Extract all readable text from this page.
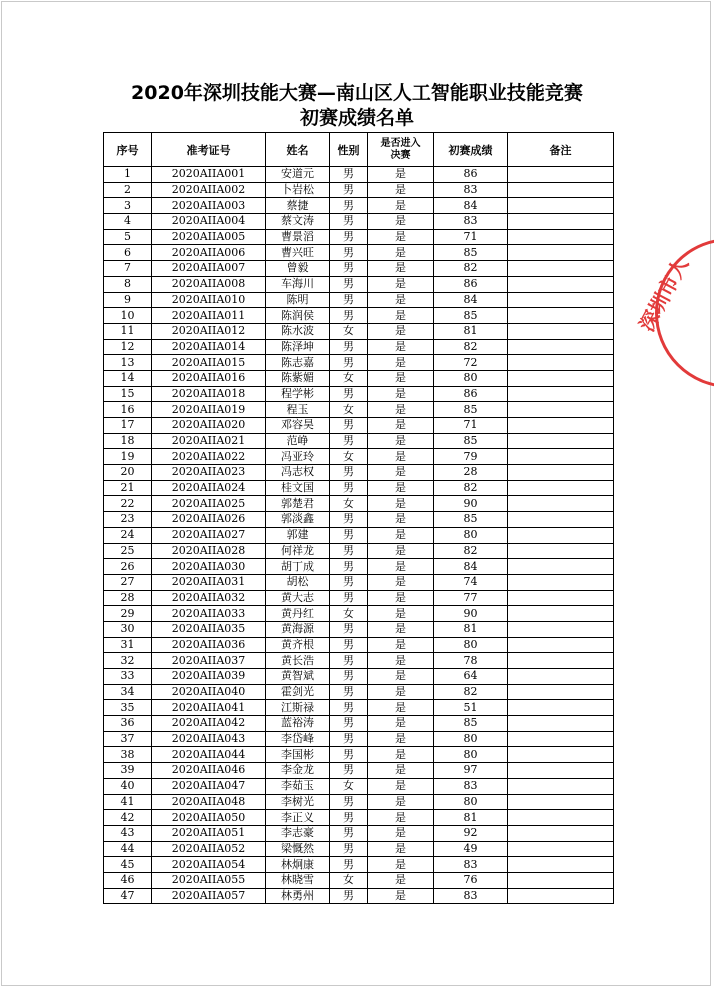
2020年深圳技能大赛—南山区人工智能职业技能竞赛
初赛成绩名单
序号	准考证号	姓名	性别	是否进入
决赛	初赛成绩	备注
1	2020AIIA001	安道元	男	是	86	
2	2020AIIA002	卜岩松	男	是	83	
3	2020AIIA003	蔡捷	男	是	84	
4	2020AIIA004	蔡文涛	男	是	83	
5	2020AIIA005	曹景滔	男	是	71	
6	2020AIIA006	曹兴旺	男	是	85	
7	2020AIIA007	曾毅	男	是	82	
8	2020AIIA008	车海川	男	是	86	
9	2020AIIA010	陈明	男	是	84	
10	2020AIIA011	陈润侯	男	是	85	
11	2020AIIA012	陈水波	女	是	81	
12	2020AIIA014	陈泽坤	男	是	82	
13	2020AIIA015	陈志嘉	男	是	72	
14	2020AIIA016	陈紫媚	女	是	80	
15	2020AIIA018	程学彬	男	是	86	
16	2020AIIA019	程玉	女	是	85	
17	2020AIIA020	邓容昊	男	是	71	
18	2020AIIA021	范峥	男	是	85	
19	2020AIIA022	冯亚玲	女	是	79	
20	2020AIIA023	冯志权	男	是	28	
21	2020AIIA024	桂文国	男	是	82	
22	2020AIIA025	郭楚君	女	是	90	
23	2020AIIA026	郭淡鑫	男	是	85	
24	2020AIIA027	郭建	男	是	80	
25	2020AIIA028	何祥龙	男	是	82	
26	2020AIIA030	胡丁成	男	是	84	
27	2020AIIA031	胡松	男	是	74	
28	2020AIIA032	黄大志	男	是	77	
29	2020AIIA033	黄丹红	女	是	90	
30	2020AIIA035	黄海源	男	是	81	
31	2020AIIA036	黄齐根	男	是	80	
32	2020AIIA037	黄长浩	男	是	78	
33	2020AIIA039	黄智斌	男	是	64	
34	2020AIIA040	霍剑光	男	是	82	
35	2020AIIA041	江斯禄	男	是	51	
36	2020AIIA042	蓝裕涛	男	是	85	
37	2020AIIA043	李岱峰	男	是	80	
38	2020AIIA044	李国彬	男	是	80	
39	2020AIIA046	李金龙	男	是	97	
40	2020AIIA047	李茹玉	女	是	83	
41	2020AIIA048	李树光	男	是	80	
42	2020AIIA050	李正义	男	是	81	
43	2020AIIA051	李志豪	男	是	92	
44	2020AIIA052	梁慨然	男	是	49	
45	2020AIIA054	林炯康	男	是	83	
46	2020AIIA055	林晓雪	女	是	76	
47	2020AIIA057	林勇州	男	是	83	
深圳市人
